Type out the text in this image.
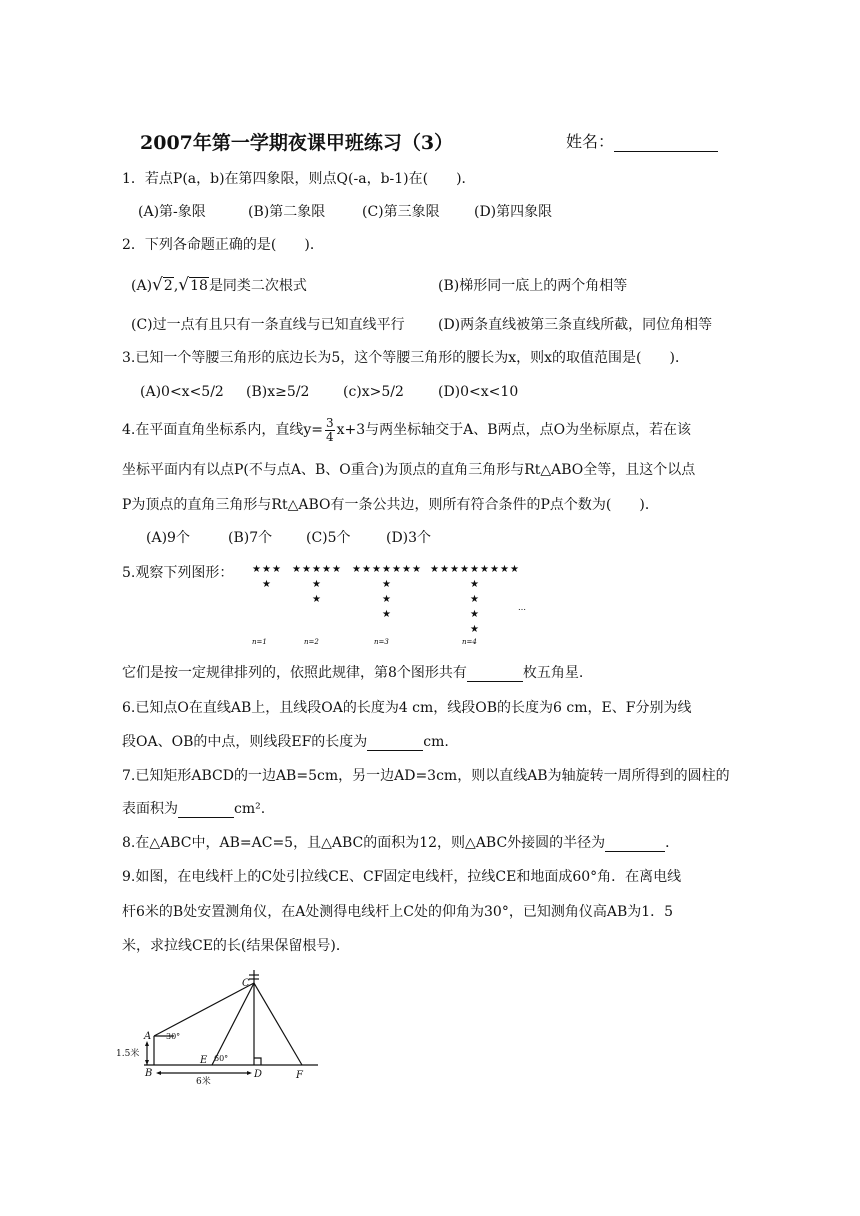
2007年第一学期夜课甲班练习（3）	姓名：
1．若点P(a，b)在第四象限，则点Q(-a，b-1)在(　　)．
(A)第-象限	(B)第二象限	(C)第三象限 (D)第四象限
2．下列各命题正确的是(　　)．
(A)√2,√18是同类二次根式	(B)梯形同一底上的两个角相等
(C)过一点有且只有一条直线与已知直线平行 (D)两条直线被第三条直线所截，同位角相等
3.已知一个等腰三角形的底边长为5，这个等腰三角形的腰长为x，则x的取值范围是(　　)．
(A)0<x<5/2 (B)x≥5/2 (c)x>5/2 (D)0<x<10
4.在平面直角坐标系内，直线$y= \frac{3}{4} x+3$与两坐标轴交于A、B两点，点O为坐标原点，若在该
坐标平面内有以点P(不与点A、B、O重合)为顶点的直角三角形与Rt△ABO全等，且这个以点
P为顶点的直角三角形与Rt△ABO有一条公共边，则所有符合条件的P点个数为(　　)．
(A)9个	(B)7个 (C)5个	(D)3个
5.观察下列图形： ★ ★ ★
★
★ ★ ★ ★ ★
★
★
★ ★ ★ ★ ★ ★ ★
★
★
★
★ ★ ★ ★ ★ ★ ★ ★ ★
★
★
★
★
n=1	n=2	n=3	n=4
…
它们是按一定规律排列的，依照此规律，第8个图形共有	枚五角星.
6.已知点O在直线AB上，且线段OA的长度为4 cm，线段OB的长度为6 cm，E、F分别为线
段OA、OB的中点，则线段EF的长度为	cm.
7.已知矩形ABCD的一边AB=5cm，另一边AD=3cm，则以直线AB为轴旋转一周所得到的圆柱的
表面积为	cm².
8.在△ABC中，AB=AC=5，且△ABC的面积为12，则△ABC外接圆的半径为	．
9.如图，在电线杆上的C处引拉线CE、CF固定电线杆，拉线CE和地面成60°角．在离电线
杆6米的B处安置测角仪，在A处测得电线杆上C处的仰角为30°，已知测角仪高AB为1．5
米，求拉线CE的长(结果保留根号)．
C
A
B	D
E
F
30°
60°
1.5米
6米
